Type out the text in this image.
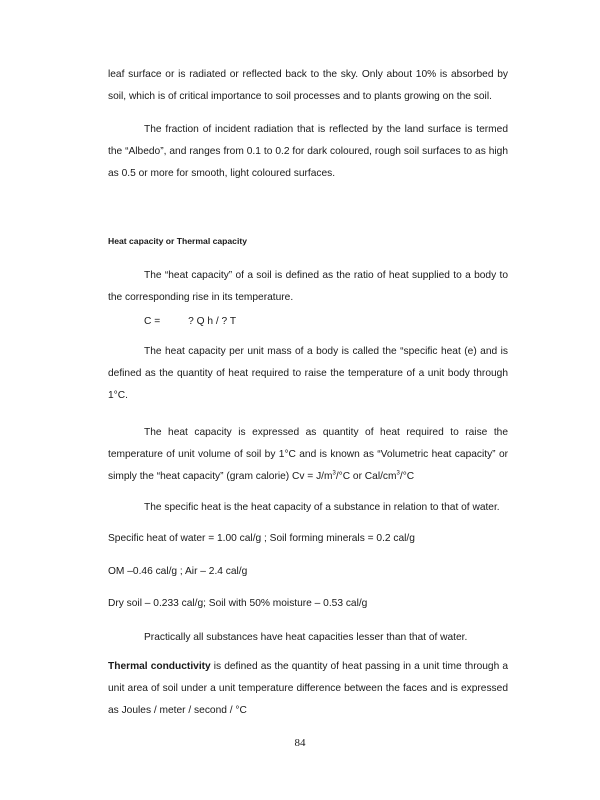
leaf surface or is radiated or reflected back to the sky. Only about 10% is absorbed by soil, which is of critical importance to soil processes and to plants growing on the soil.

The fraction of incident radiation that is reflected by the land surface is termed the “Albedo”, and ranges from 0.1 to 0.2 for dark coloured, rough soil surfaces to as high as 0.5 or more for smooth, light coloured surfaces.

Heat capacity or Thermal capacity

The “heat capacity” of a soil is defined as the ratio of heat supplied to a body to the corresponding rise in its temperature.

C =	? Q h / ? T

The heat capacity per unit mass of a body is called the “specific heat (e) and is defined as the quantity of heat required to raise the temperature of a unit body through 1°C.

The heat capacity is expressed as quantity of heat required to raise the temperature of unit volume of soil by 1°C and is known as “Volumetric heat capacity” or simply the “heat capacity” (gram calorie) $Cv = J/m^3/^\circ C$ or Cal/$cm^3/^\circ C$

The specific heat is the heat capacity of a substance in relation to that of water.

Specific heat of water = 1.00 cal/g ; Soil forming minerals = 0.2 cal/g

OM –0.46 cal/g ; Air – 2.4 cal/g

Dry soil – 0.233 cal/g; Soil with 50% moisture – 0.53 cal/g

Practically all substances have heat capacities lesser than that of water.

Thermal conductivity is defined as the quantity of heat passing in a unit time through a unit area of soil under a unit temperature difference between the faces and is expressed as Joules / meter / second / °C

84
